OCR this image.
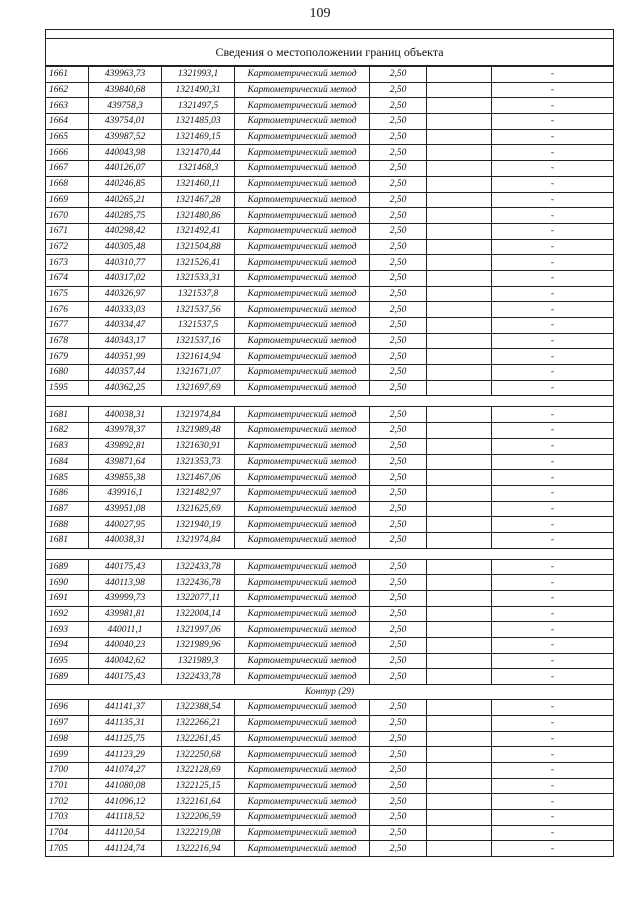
109
Сведения о местоположении границ объекта
1661	439963,73	1321993,1	Картометрический метод	2,50		-
1662	439840,68	1321490,31	Картометрический метод	2,50		-
1663	439758,3	1321497,5	Картометрический метод	2,50		-
1664	439754,01	1321485,03	Картометрический метод	2,50		-
1665	439987,52	1321469,15	Картометрический метод	2,50		-
1666	440043,98	1321470,44	Картометрический метод	2,50		-
1667	440126,07	1321468,3	Картометрический метод	2,50		-
1668	440246,85	1321460,11	Картометрический метод	2,50		-
1669	440265,21	1321467,28	Картометрический метод	2,50		-
1670	440285,75	1321480,86	Картометрический метод	2,50		-
1671	440298,42	1321492,41	Картометрический метод	2,50		-
1672	440305,48	1321504,88	Картометрический метод	2,50		-
1673	440310,77	1321526,41	Картометрический метод	2,50		-
1674	440317,02	1321533,31	Картометрический метод	2,50		-
1675	440326,97	1321537,8	Картометрический метод	2,50		-
1676	440333,03	1321537,56	Картометрический метод	2,50		-
1677	440334,47	1321537,5	Картометрический метод	2,50		-
1678	440343,17	1321537,16	Картометрический метод	2,50		-
1679	440351,99	1321614,94	Картометрический метод	2,50		-
1680	440357,44	1321671,07	Картометрический метод	2,50		-
1595	440362,25	1321697,69	Картометрический метод	2,50		-

1681	440038,31	1321974,84	Картометрический метод	2,50		-
1682	439978,37	1321989,48	Картометрический метод	2,50		-
1683	439892,81	1321630,91	Картометрический метод	2,50		-
1684	439871,64	1321353,73	Картометрический метод	2,50		-
1685	439855,38	1321467,06	Картометрический метод	2,50		-
1686	439916,1	1321482,97	Картометрический метод	2,50		-
1687	439951,08	1321625,69	Картометрический метод	2,50		-
1688	440027,95	1321940,19	Картометрический метод	2,50		-
1681	440038,31	1321974,84	Картометрический метод	2,50		-

1689	440175,43	1322433,78	Картометрический метод	2,50		-
1690	440113,98	1322436,78	Картометрический метод	2,50		-
1691	439999,73	1322077,11	Картометрический метод	2,50		-
1692	439981,81	1322004,14	Картометрический метод	2,50		-
1693	440011,1	1321997,06	Картометрический метод	2,50		-
1694	440040,23	1321989,96	Картометрический метод	2,50		-
1695	440042,62	1321989,3	Картометрический метод	2,50		-
1689	440175,43	1322433,78	Картометрический метод	2,50		-
Контур (29)						
1696	441141,37	1322388,54	Картометрический метод	2,50		-
1697	441135,31	1322266,21	Картометрический метод	2,50		-
1698	441125,75	1322261,45	Картометрический метод	2,50		-
1699	441123,29	1322250,68	Картометрический метод	2,50		-
1700	441074,27	1322128,69	Картометрический метод	2,50		-
1701	441080,08	1322125,15	Картометрический метод	2,50		-
1702	441096,12	1322161,64	Картометрический метод	2,50		-
1703	441118,52	1322206,59	Картометрический метод	2,50		-
1704	441120,54	1322219,08	Картометрический метод	2,50		-
1705	441124,74	1322216,94	Картометрический метод	2,50		-
